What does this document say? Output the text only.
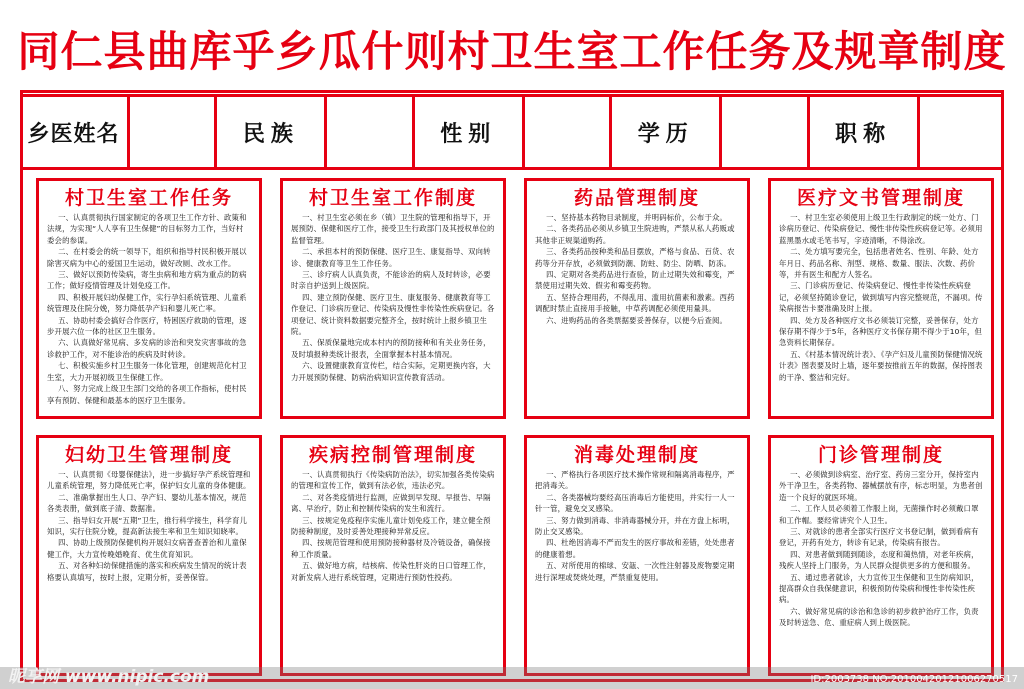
同仁县曲库乎乡瓜什则村卫生室工作任务及规章制度
乡医姓名	民族	性别	学历	职称
村卫生室工作任务

一、认真贯彻执行国家制定的各项卫生工作方针、政策和法规，为实现“人人享有卫生保健”的目标努力工作，当好村委会的参谋。

二、在村委会的统一领导下，组织和指导村民积极开展以除害灭病为中心的爱国卫生运动，做好改厕、改水工作。

三、做好以预防传染病，寄生虫病和地方病为重点的防病工作；做好疫情管理及计划免疫工作。

四、积极开展妇幼保健工作，实行孕妇系统管理、儿童系统管理及住院分娩，努力降低孕产妇和婴儿死亡率。

五、协助村委会搞好合作医疗，特困医疗救助的管理，逐步开展六位一体的社区卫生服务。

六、认真做好常见病、多发病的诊治和突发灾害事故的急诊救护工作，对不能诊治的疾病及时转诊。

七、积极实施乡村卫生服务一体化管理，创建规范化村卫生室，大力开展初级卫生保健工作。

八、努力完成上级卫生部门交给的各项工作指标，使村民享有预防、保健和最基本的医疗卫生服务。

村卫生室工作制度

一、村卫生室必须在乡（镇）卫生院的管理和指导下，开展预防、保健和医疗工作，接受卫生行政部门及其授权单位的监督管理。

二、承担本村的预防保健、医疗卫生、康复指导、双向转诊、健康教育等卫生工作任务。

三、诊疗病人认真负责，不能诊治的病人及时转诊，必要时亲自护送到上级医院。

四、建立预防保健、医疗卫生、康复服务、健康教育等工作登记、门诊病历登记、传染病及慢性非传染性疾病登记。各项登记、统计资料数据要完整齐全，按时统计上报乡镇卫生院。

五、保质保量地完成本村内的预防接种和有关业务任务，及时填报种类统计报表，全面掌握本村基本情况。

六、设置健康教育宣传栏，结合实际，定期更换内容，大力开展预防保健、防病治病知识宣传教育活动。

药品管理制度

一、坚持基本药物目录制度，并明码标价，公布于众。

二、各类药品必须从乡镇卫生院进购，严禁从私人药贩或其他非正规渠道购药。

三、各类药品按种类和品目摆放，严格与食品、百货、农药等分开存放，必须做到防潮、防蛀、防尘、防晒、防冻。

四、定期对各类药品进行查验，防止过期失效和霉变，严禁使用过期失效、假劣和霉变药物。

五、坚持合理用药，不得乱用、滥用抗菌素和激素。西药调配时禁止直接用手接触，中草药调配必须使用量具。

六、进购药品的各类票据要妥善保存，以便今后查阅。

医疗文书管理制度

一、村卫生室必须使用上级卫生行政制定的统一处方、门诊病历登记、传染病登记、慢性非传染性疾病登记等。必须用蓝黑墨水或毛笔书写，字迹清晰，不得涂改。

二、处方填写要完全，包括患者姓名、性别、年龄、处方年月日、药品名称、剂型、规格、数量、服法、次数、药价等，并有医生和配方人签名。

三、门诊病历登记、传染病登记、慢性非传染性疾病登记，必须坚持随诊登记，做到填写内容完整规范，不漏项。传染病报告卡要准确及时上报。

四、处方及各种医疗文书必须装订完整，妥善保存，处方保存期不得少于5年，各种医疗文书保存期不得少于10年，但急资料长期保存。

五、《村基本情况统计表》、《孕产妇及儿童预防保健情况统计表》图表要及时上墙，逐年要按推前五年的数据，保持图表的干净、整洁和完好。

妇幼卫生管理制度

一、认真贯彻《母婴保健法》，进一步搞好孕产系统管理和儿童系统管理，努力降低死亡率，保护妇女儿童的身体健康。

二、准确掌握出生人口、孕产妇、婴幼儿基本情况，规范各类表册，做到底子清、数据准。

三、指导妇女开展“五期”卫生，推行科学接生，科学育儿知识，实行住院分娩，提高新法接生率和卫生知识知晓率。

四、协助上级预防保健机构开展妇女病普查普治和儿童保健工作，大力宣传晚婚晚育、优生优育知识。

五、对各种妇幼保健措施的落实和疾病发生情况的统计表格要认真填写，按时上报，定期分析，妥善保管。

疾病控制管理制度

一、认真贯彻执行《传染病防治法》，切实加强各类传染病的管理和宣传工作，做到有法必依，违法必究。

二、对各类疫情进行监测，应做到早发现、早报告、早隔离、早治疗，防止和控制传染病的发生和流行。

三、按规定免疫程序实施儿童计划免疫工作，建立健全预防接种制度，及时妥善处理接种异常反应。

四、按规范管理和使用预防接种器材及冷链设备，确保接种工作质量。

五、做好地方病，结核病、传染性肝炎的日口管理工作，对新发病人进行系统管理，定期进行预防性投药。

消毒处理制度

一、严格执行各项医疗技术操作常规和隔离消毒程序，严把消毒关。

二、各类器械均要经高压消毒后方能使用，并实行一人一针一管，避免交叉感染。

三、努力做到消毒、非消毒器械分开，并在方盘上标明，防止交叉感染。

四、杜绝因消毒不严而发生的医疗事故和差错，处处患者的健康着想。

五、对所使用的棉球、安瓿、一次性注射器及废物要定期进行深埋或焚烧处理，严禁重复使用。

门诊管理制度

一、必须做到诊病室、治疗室、药房三室分开，保持室内外干净卫生，各类药物、器械摆放有序，标志明显，为患者创造一个良好的就医环境。

二、工作人员必须着工作服上岗，无菌操作时必须戴口罩和工作帽。要经常讲究个人卫生。

三、对就诊的患者全部实行医疗文书登记制，做到看病有登记，开药有处方，转诊有记录，传染病有报告。

四、对患者做到随到随诊，态度和蔼热情，对老年疾病，残疾人坚持上门服务，为人民群众提供更多的方便和服务。

五、通过患者就诊，大力宣传卫生保健和卫生防病知识，提高群众自我保健意识，积极预防传染病和慢性非传染性疾病。

六、做好常见病的诊治和急诊的初步救护治疗工作，负责及时转送急、危、重症病人到上级医院。

昵享网 www.nipic.com	ID:2003738 NO:20100420121006270517
